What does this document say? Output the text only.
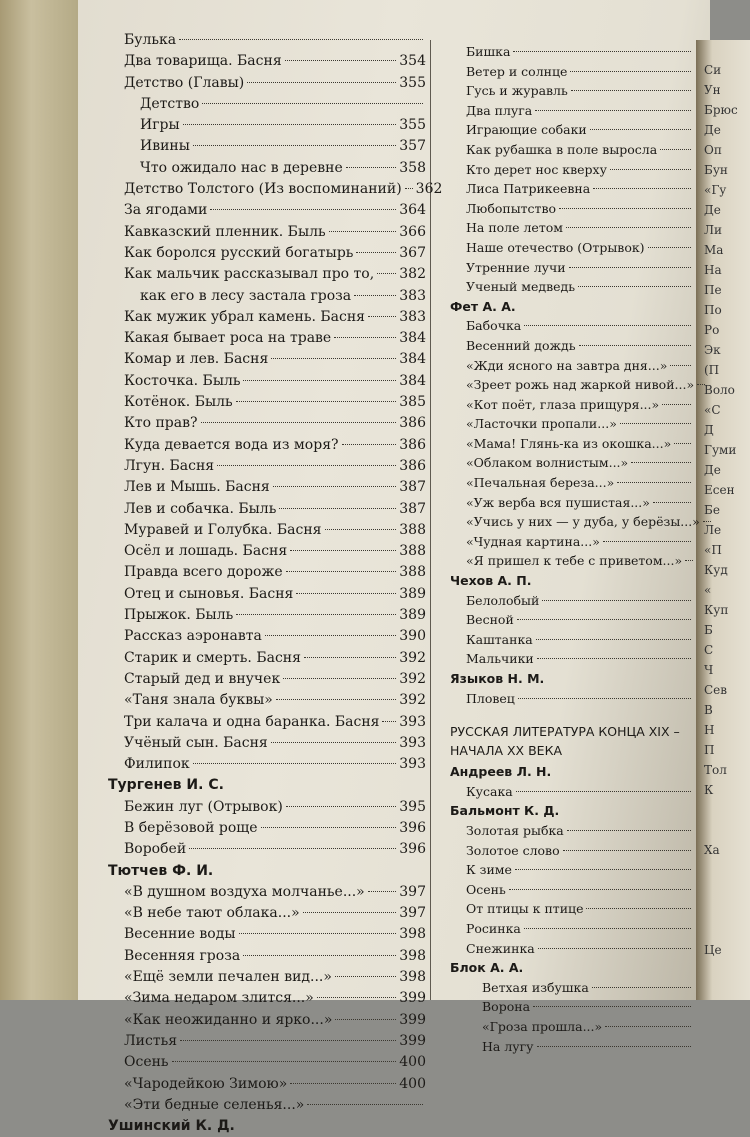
Си
Ун
Брюс
Де
Оп
Бун
«Гу
Де
Ли
Ма
На
Пе
По
Ро
Эк
(П
Воло
«С
Д
Гуми
Де
Есен
Бе
Ле
«П
Куд
«
Куп
Б
С
Ч
Сев
В
Н
П
Тол
К

Ха

Це
Булька
Два товарища. Басня	354
Детство (Главы)	355
Детство
Игры	355
Ивины	357
Что ожидало нас в деревне	358
Детство Толстого (Из воспоминаний) 362
За ягодами	364
Кавказский пленник. Быль	366
Как боролся русский богатырь	367
Как мальчик рассказывал про то, 382
как его в лесу застала гроза	383
Как мужик убрал камень. Басня 383
Какая бывает роса на траве	384
Комар и лев. Басня	384
Косточка. Быль	384
Котёнок. Быль	385
Кто прав?	386
Куда девается вода из моря?	386
Лгун. Басня	386
Лев и Мышь. Басня	387
Лев и собачка. Быль	387
Муравей и Голубка. Басня	388
Осёл и лошадь. Басня	388
Правда всего дороже	388
Отец и сыновья. Басня	389
Прыжок. Быль	389
Рассказ аэронавта	390
Старик и смерть. Басня	392
Старый дед и внучек	392
«Таня знала буквы»	392
Три калача и одна баранка. Басня 393
Учёный сын. Басня	393
Филипок	393
Тургенев И. С.
Бежин луг (Отрывок)	395
В берёзовой роще	396
Воробей	396
Тютчев Ф. И.
«В душном воздуха молчанье...» 397
«В небе тают облака...»	397
Весенние воды	398
Весенняя гроза	398
«Ещё земли печален вид...»	398
«Зима недаром злится...»	399
«Как неожиданно и ярко...»	399
Листья	399
Осень	400
«Чародейкою Зимою»	400
«Эти бедные селенья...»
Ушинский К. Д.
Бишка
Ветер и солнце
Гусь и журавль
Два плуга
Играющие собаки
Как рубашка в поле выросла
Кто дерет нос кверху
Лиса Патрикеевна
Любопытство
На поле летом
Наше отечество (Отрывок)
Утренние лучи
Ученый медведь
Фет А. А.
Бабочка
Весенний дождь
«Жди ясного на завтра дня...»
«Зреет рожь над жаркой нивой...»
«Кот поёт, глаза прищуря...»
«Ласточки пропали...»
«Мама! Глянь-ка из окошка...»
«Облаком волнистым...»
«Печальная береза...»
«Уж верба вся пушистая...»
«Учись у них — у дуба, у берёзы...»
«Чудная картина...»
«Я пришел к тебе с приветом...»
Чехов А. П.
Белолобый
Весной
Каштанка
Мальчики
Языков Н. М.
Пловец
РУССКАЯ ЛИТЕРАТУРА КОНЦА XIX –
НАЧАЛА XX ВЕКА
Андреев Л. Н.
Кусака
Бальмонт К. Д.
Золотая рыбка
Золотое слово
К зиме
Осень
От птицы к птице
Росинка
Снежинка
Блок А. А.
Ветхая избушка
Ворона
«Гроза прошла...»
На лугу
